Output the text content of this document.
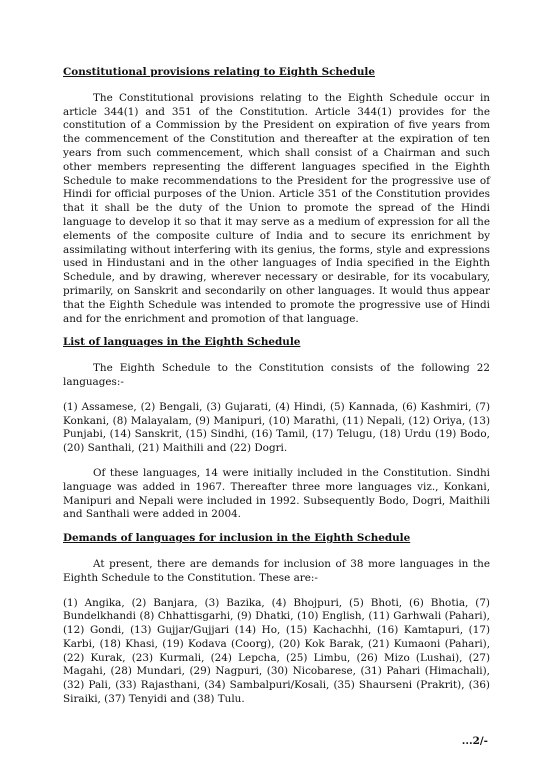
Constitutional provisions relating to Eighth Schedule

The Constitutional provisions relating to the Eighth Schedule occur in article 344(1) and 351 of the Constitution. Article 344(1) provides for the constitution of a Commission by the President on expiration of five years from the commencement of the Constitution and thereafter at the expiration of ten years from such commencement, which shall consist of a Chairman and such other members representing the different languages specified in the Eighth Schedule to make recommendations to the President for the progressive use of Hindi for official purposes of the Union. Article 351 of the Constitution provides that it shall be the duty of the Union to promote the spread of the Hindi language to develop it so that it may serve as a medium of expression for all the elements of the composite culture of India and to secure its enrichment by assimilating without interfering with its genius, the forms, style and expressions used in Hindustani and in the other languages of India specified in the Eighth Schedule, and by drawing, wherever necessary or desirable, for its vocabulary, primarily, on Sanskrit and secondarily on other languages. It would thus appear that the Eighth Schedule was intended to promote the progressive use of Hindi and for the enrichment and promotion of that language.

List of languages in the Eighth Schedule

The Eighth Schedule to the Constitution consists of the following 22 languages:-

(1) Assamese, (2) Bengali, (3) Gujarati, (4) Hindi, (5) Kannada, (6) Kashmiri, (7) Konkani, (8) Malayalam, (9) Manipuri, (10) Marathi, (11) Nepali, (12) Oriya, (13) Punjabi, (14) Sanskrit, (15) Sindhi, (16) Tamil, (17) Telugu, (18) Urdu (19) Bodo, (20) Santhali, (21) Maithili and (22) Dogri.

Of these languages, 14 were initially included in the Constitution. Sindhi language was added in 1967. Thereafter three more languages viz., Konkani, Manipuri and Nepali were included in 1992. Subsequently Bodo, Dogri, Maithili and Santhali were added in 2004.

Demands of languages for inclusion in the Eighth Schedule

At present, there are demands for inclusion of 38 more languages in the Eighth Schedule to the Constitution. These are:-

(1) Angika, (2) Banjara, (3) Bazika, (4) Bhojpuri, (5) Bhoti, (6) Bhotia, (7) Bundelkhandi (8) Chhattisgarhi, (9) Dhatki, (10) English, (11) Garhwali (Pahari), (12) Gondi, (13) Gujjar/Gujjari (14) Ho, (15) Kachachhi, (16) Kamtapuri, (17) Karbi, (18) Khasi, (19) Kodava (Coorg), (20) Kok Barak, (21) Kumaoni (Pahari), (22) Kurak, (23) Kurmali, (24) Lepcha, (25) Limbu, (26) Mizo (Lushai), (27) Magahi, (28) Mundari, (29) Nagpuri, (30) Nicobarese, (31) Pahari (Himachali), (32) Pali, (33) Rajasthani, (34) Sambalpuri/Kosali, (35) Shaurseni (Prakrit), (36) Siraiki, (37) Tenyidi and (38) Tulu.

...2/-
